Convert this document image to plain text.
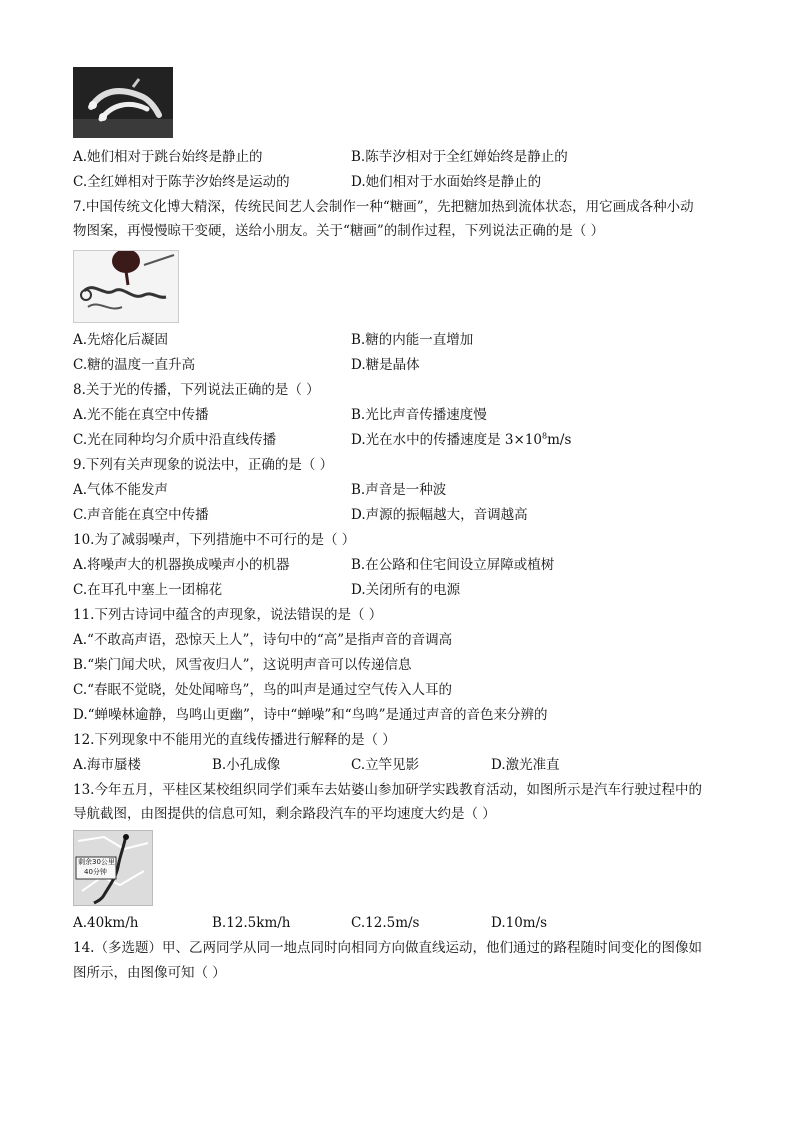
A.她们相对于跳台始终是静止的	B.陈芋汐相对于全红婵始终是静止的
C.全红婵相对于陈芋汐始终是运动的	D.她们相对于水面始终是静止的
7.中国传统文化博大精深，传统民间艺人会制作一种“糖画”，先把糖加热到流体状态，用它画成各种小动
物图案，再慢慢晾干变硬，送给小朋友。关于“糖画”的制作过程，下列说法正确的是（ ）
A.先熔化后凝固	B.糖的内能一直增加
C.糖的温度一直升高	D.糖是晶体
8.关于光的传播，下列说法正确的是（ ）
A.光不能在真空中传播	B.光比声音传播速度慢
C.光在同种均匀介质中沿直线传播	D.光在水中的传播速度是 $3\times 10^8m/s$
9.下列有关声现象的说法中，正确的是（ ）
A.气体不能发声	B.声音是一种波
C.声音能在真空中传播	D.声源的振幅越大，音调越高
10.为了减弱噪声，下列措施中不可行的是（ ）
A.将噪声大的机器换成噪声小的机器	B.在公路和住宅间设立屏障或植树
C.在耳孔中塞上一团棉花	D.关闭所有的电源
11.下列古诗词中蕴含的声现象，说法错误的是（ ）
A.“不敢高声语，恐惊天上人”，诗句中的“高”是指声音的音调高
B.“柴门闻犬吠，风雪夜归人”，这说明声音可以传递信息
C.“春眠不觉晓，处处闻啼鸟”，鸟的叫声是通过空气传入人耳的
D.“蝉噪林逾静，鸟鸣山更幽”，诗中“蝉噪”和“鸟鸣”是通过声音的音色来分辨的
12.下列现象中不能用光的直线传播进行解释的是（ ）
A.海市蜃楼	B.小孔成像	C.立竿见影	D.激光准直
13.今年五月，平桂区某校组织同学们乘车去姑婆山参加研学实践教育活动，如图所示是汽车行驶过程中的
导航截图，由图提供的信息可知，剩余路段汽车的平均速度大约是（ ）
剩余30公里
40分钟
A.40km/h	B.12.5km/h	C.12.5m/s	D.10m/s
14.（多选题）甲、乙两同学从同一地点同时向相同方向做直线运动，他们通过的路程随时间变化的图像如
图所示，由图像可知（ ）
